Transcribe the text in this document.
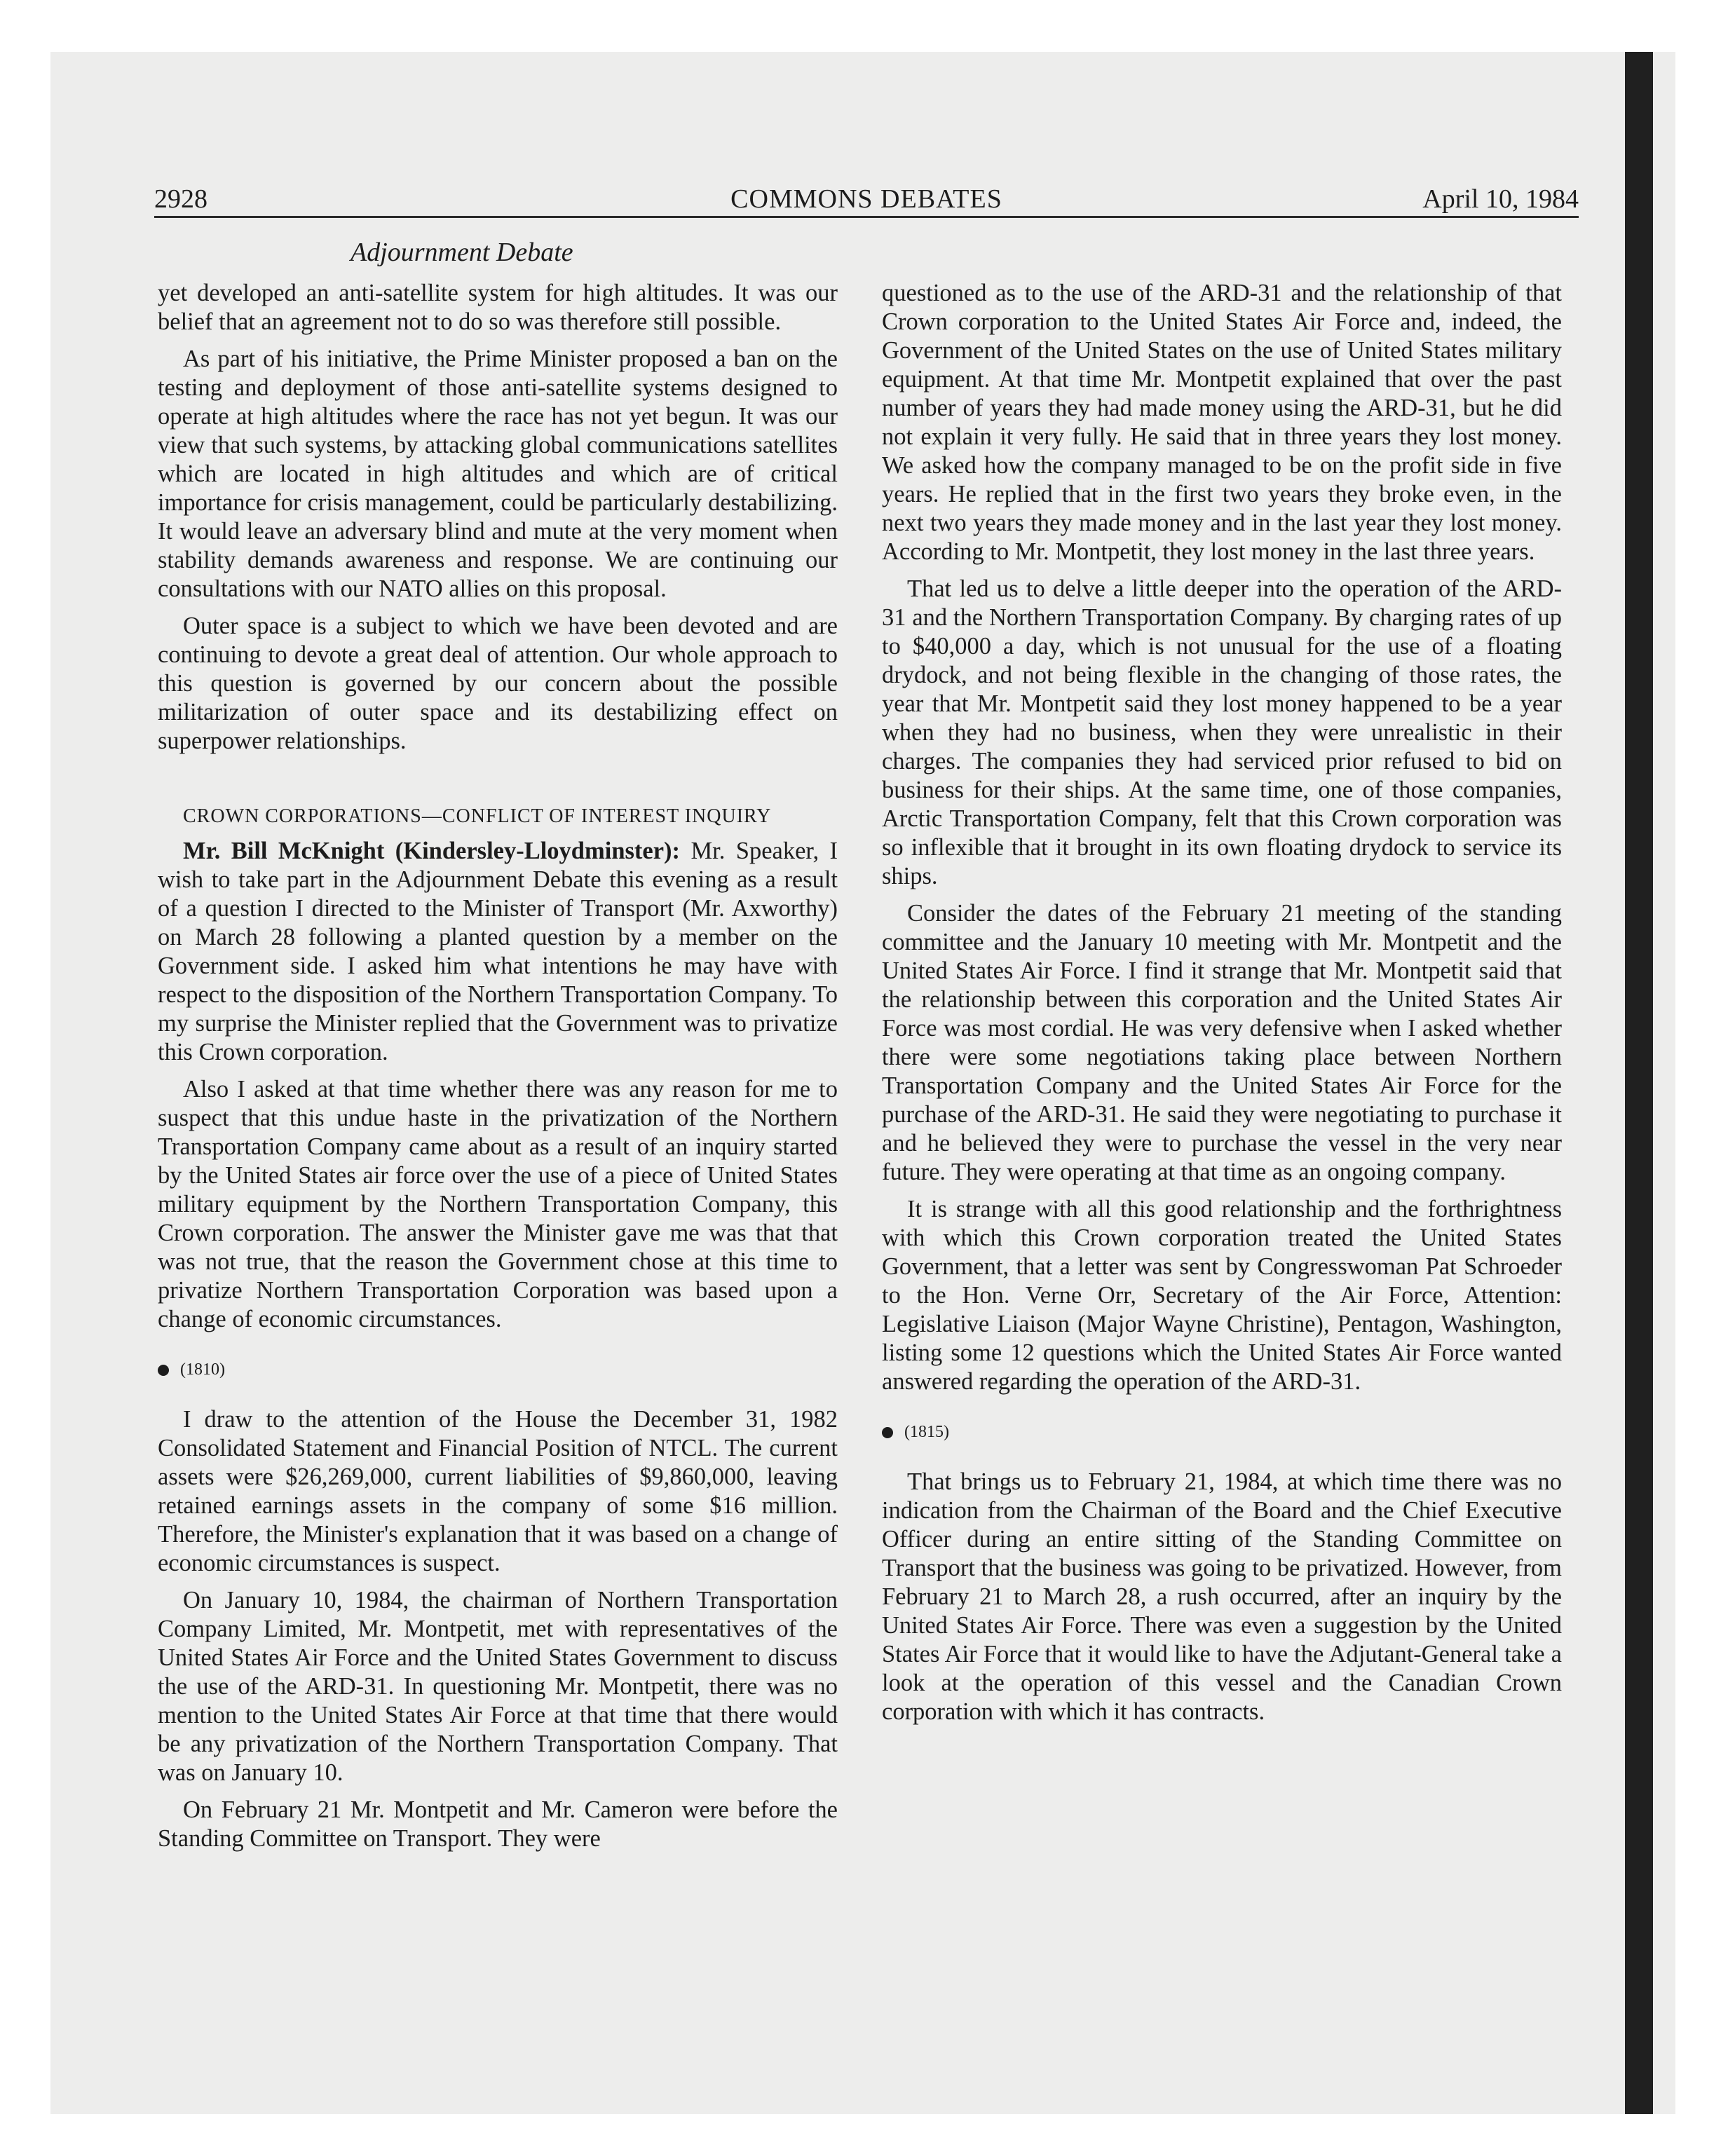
2928	COMMONS DEBATES	April 10, 1984
Adjournment Debate

yet developed an anti-satellite system for high altitudes. It was our belief that an agreement not to do so was therefore still possible.

As part of his initiative, the Prime Minister proposed a ban on the testing and deployment of those anti-satellite systems designed to operate at high altitudes where the race has not yet begun. It was our view that such systems, by attacking global communications satellites which are located in high altitudes and which are of critical importance for crisis management, could be particularly destabilizing. It would leave an adversary blind and mute at the very moment when stability demands awareness and response. We are continuing our consultations with our NATO allies on this proposal.

Outer space is a subject to which we have been devoted and are continuing to devote a great deal of attention. Our whole approach to this question is governed by our concern about the possible militarization of outer space and its destabilizing effect on superpower relationships.

CROWN CORPORATIONS—CONFLICT OF INTEREST INQUIRY

Mr. Bill McKnight (Kindersley-Lloydminster): Mr. Speaker, I wish to take part in the Adjournment Debate this evening as a result of a question I directed to the Minister of Transport (Mr. Axworthy) on March 28 following a planted question by a member on the Government side. I asked him what intentions he may have with respect to the disposition of the Northern Transportation Company. To my surprise the Minister replied that the Government was to privatize this Crown corporation.

Also I asked at that time whether there was any reason for me to suspect that this undue haste in the privatization of the Northern Transportation Company came about as a result of an inquiry started by the United States air force over the use of a piece of United States military equipment by the Northern Transportation Company, this Crown corporation. The answer the Minister gave me was that that was not true, that the reason the Government chose at this time to privatize Northern Transportation Corporation was based upon a change of economic circumstances.

(1810)

I draw to the attention of the House the December 31, 1982 Consolidated Statement and Financial Position of NTCL. The current assets were $26,269,000, current liabilities of $9,860,000, leaving retained earnings assets in the company of some $16 million. Therefore, the Minister's explanation that it was based on a change of economic circumstances is suspect.

On January 10, 1984, the chairman of Northern Transportation Company Limited, Mr. Montpetit, met with representatives of the United States Air Force and the United States Government to discuss the use of the ARD-31. In questioning Mr. Montpetit, there was no mention to the United States Air Force at that time that there would be any privatization of the Northern Transportation Company. That was on January 10.

On February 21 Mr. Montpetit and Mr. Cameron were before the Standing Committee on Transport. They were

questioned as to the use of the ARD-31 and the relationship of that Crown corporation to the United States Air Force and, indeed, the Government of the United States on the use of United States military equipment. At that time Mr. Montpetit explained that over the past number of years they had made money using the ARD-31, but he did not explain it very fully. He said that in three years they lost money. We asked how the company managed to be on the profit side in five years. He replied that in the first two years they broke even, in the next two years they made money and in the last year they lost money. According to Mr. Montpetit, they lost money in the last three years.

That led us to delve a little deeper into the operation of the ARD-31 and the Northern Transportation Company. By charging rates of up to $40,000 a day, which is not unusual for the use of a floating drydock, and not being flexible in the changing of those rates, the year that Mr. Montpetit said they lost money happened to be a year when they had no business, when they were unrealistic in their charges. The companies they had serviced prior refused to bid on business for their ships. At the same time, one of those companies, Arctic Transportation Company, felt that this Crown corporation was so inflexible that it brought in its own floating drydock to service its ships.

Consider the dates of the February 21 meeting of the standing committee and the January 10 meeting with Mr. Montpetit and the United States Air Force. I find it strange that Mr. Montpetit said that the relationship between this corporation and the United States Air Force was most cordial. He was very defensive when I asked whether there were some negotiations taking place between Northern Transportation Company and the United States Air Force for the purchase of the ARD-31. He said they were negotiating to purchase it and he believed they were to purchase the vessel in the very near future. They were operating at that time as an ongoing company.

It is strange with all this good relationship and the forthrightness with which this Crown corporation treated the United States Government, that a letter was sent by Congresswoman Pat Schroeder to the Hon. Verne Orr, Secretary of the Air Force, Attention: Legislative Liaison (Major Wayne Christine), Pentagon, Washington, listing some 12 questions which the United States Air Force wanted answered regarding the operation of the ARD-31.

(1815)

That brings us to February 21, 1984, at which time there was no indication from the Chairman of the Board and the Chief Executive Officer during an entire sitting of the Standing Committee on Transport that the business was going to be privatized. However, from February 21 to March 28, a rush occurred, after an inquiry by the United States Air Force. There was even a suggestion by the United States Air Force that it would like to have the Adjutant-General take a look at the operation of this vessel and the Canadian Crown corporation with which it has contracts.
